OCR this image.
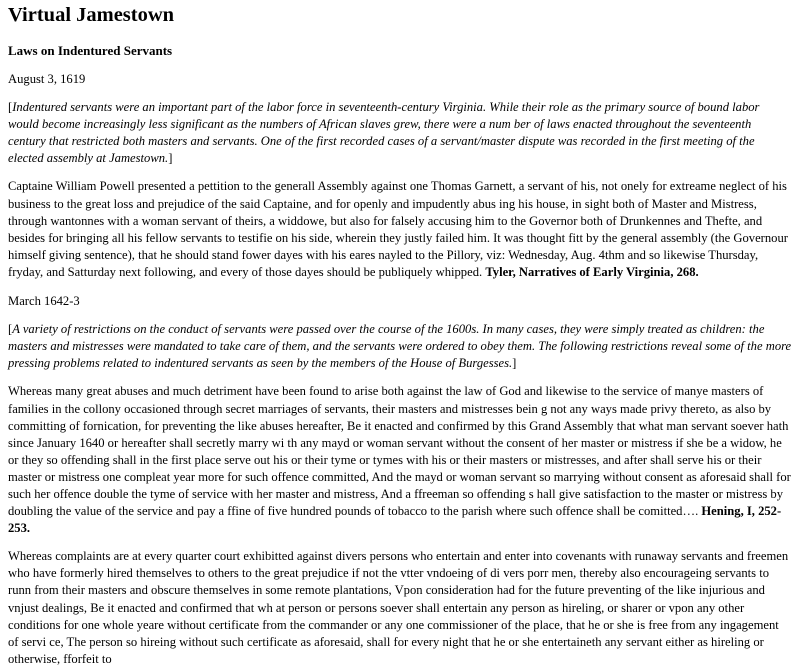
Virtual Jamestown
Laws on Indentured Servants

August 3, 1619

[Indentured servants were an important part of the labor force in seventeenth-century Virginia. While their role as the primary source of bound labor would become increasingly less significant as the numbers of African slaves grew, there were a num ber of laws enacted throughout the seventeenth century that restricted both masters and servants. One of the first recorded cases of a servant/master dispute was recorded in the first meeting of the elected assembly at Jamestown.]

Captaine William Powell presented a pettition to the generall Assembly against one Thomas Garnett, a servant of his, not onely for extreame neglect of his business to the great loss and prejudice of the said Captaine, and for openly and impudently abus ing his house, in sight both of Master and Mistress, through wantonnes with a woman servant of theirs, a widdowe, but also for falsely accusing him to the Governor both of Drunkennes and Thefte, and besides for bringing all his fellow servants to testifie on his side, wherein they justly failed him. It was thought fitt by the general assembly (the Governour himself giving sentence), that he should stand fower dayes with his eares nayled to the Pillory, viz: Wednesday, Aug. 4thm and so likewise Thursday, fryday, and Satturday next following, and every of those dayes should be publiquely whipped. Tyler, Narratives of Early Virginia, 268.

March 1642-3

[A variety of restrictions on the conduct of servants were passed over the course of the 1600s. In many cases, they were simply treated as children: the masters and mistresses were mandated to take care of them, and the servants were ordered to obey them. The following restrictions reveal some of the more pressing problems related to indentured servants as seen by the members of the House of Burgesses.]

Whereas many great abuses and much detriment have been found to arise both against the law of God and likewise to the service of manye masters of families in the collony occasioned through secret marriages of servants, their masters and mistresses bein g not any ways made privy thereto, as also by committing of fornication, for preventing the like abuses hereafter, Be it enacted and confirmed by this Grand Assembly that what man servant soever hath since January 1640 or hereafter shall secretly marry wi th any mayd or woman servant without the consent of her master or mistress if she be a widow, he or they so offending shall in the first place serve out his or their tyme or tymes with his or their masters or mistresses, and after shall serve his or their master or mistress one compleat year more for such offence committed, And the mayd or woman servant so marrying without consent as aforesaid shall for such her offence double the tyme of service with her master and mistress, And a ffreeman so offending s hall give satisfaction to the master or mistress by doubling the value of the service and pay a ffine of five hundred pounds of tobacco to the parish where such offence shall be comitted…. Hening, I, 252-253.

Whereas complaints are at every quarter court exhibitted against divers persons who entertain and enter into covenants with runaway servants and freemen who have formerly hired themselves to others to the great prejudice if not the vtter vndoeing of di vers porr men, thereby also encourageing servants to runn from their masters and obscure themselves in some remote plantations, Vpon consideration had for the future preventing of the like injurious and vnjust dealings, Be it enacted and confirmed that wh at person or persons soever shall entertain any person as hireling, or sharer or vpon any other conditions for one whole yeare without certificate from the commander or any one commissioner of the place, that he or she is free from any ingagement of servi ce, The person so hireing without such certificate as aforesaid, shall for every night that he or she entertaineth any servant either as hireling or otherwise, fforfeit to
